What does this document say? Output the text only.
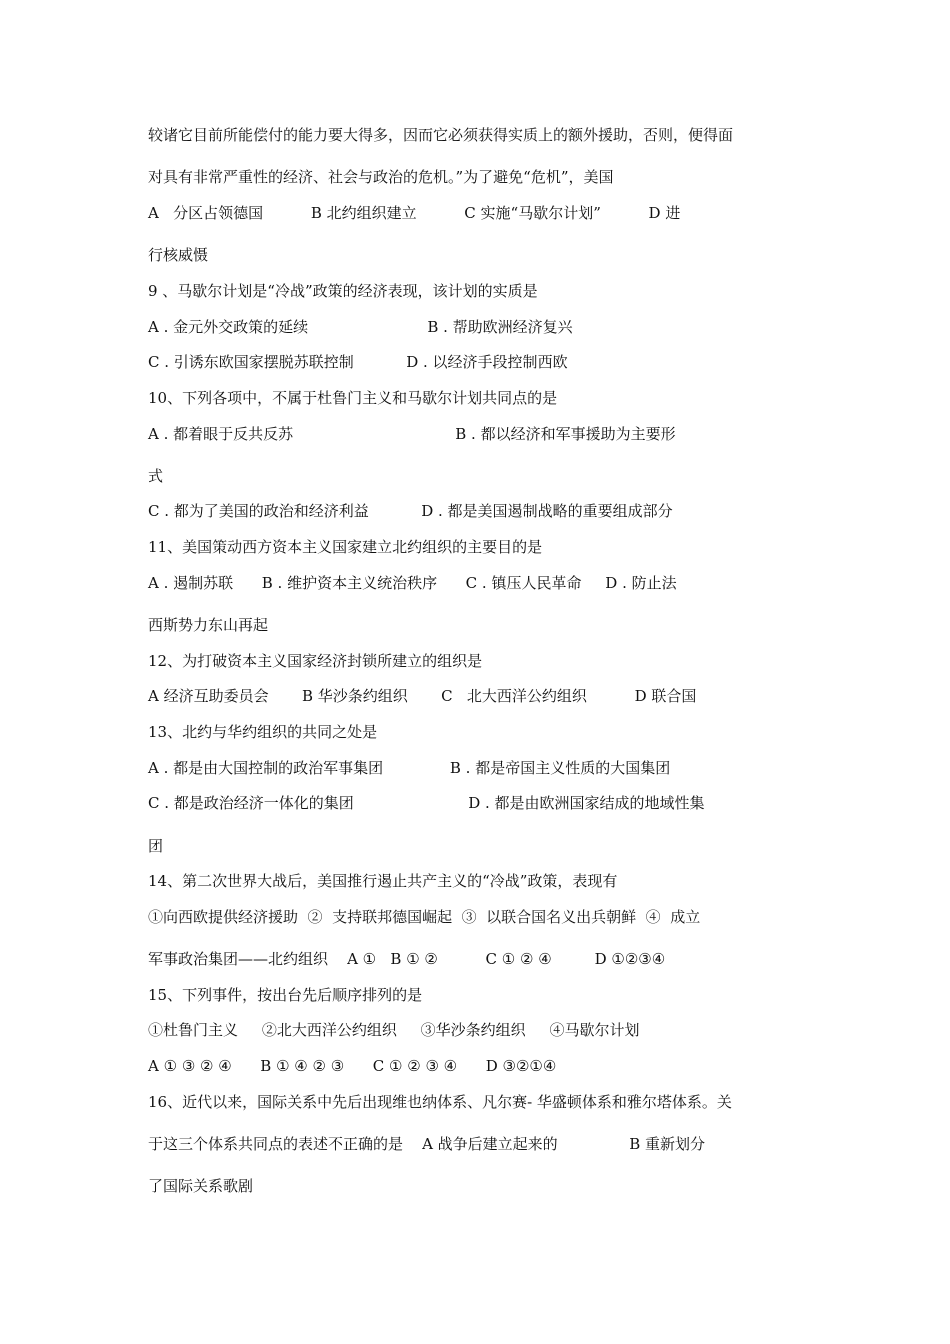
较诸它目前所能偿付的能力要大得多，因而它必须获得实质上的额外援助，否则，便得面
对具有非常严重性的经济、社会与政治的危机。”为了避免“危机”，美国
A   分区占领德国          B 北约组织建立          C 实施“马歇尔计划”          D 进
行核威慑
9 、马歇尔计划是“冷战”政策的经济表现，该计划的实质是
A . 金元外交政策的延续                         B . 帮助欧洲经济复兴
C . 引诱东欧国家摆脱苏联控制           D . 以经济手段控制西欧
10、下列各项中，不属于杜鲁门主义和马歇尔计划共同点的是
A . 都着眼于反共反苏                                  B . 都以经济和军事援助为主要形
式
C . 都为了美国的政治和经济利益           D . 都是美国遏制战略的重要组成部分
11、美国策动西方资本主义国家建立北约组织的主要目的是
A . 遏制苏联      B . 维护资本主义统治秩序      C . 镇压人民革命     D . 防止法
西斯势力东山再起
12、为打破资本主义国家经济封锁所建立的组织是
A 经济互助委员会       B 华沙条约组织       C   北大西洋公约组织          D 联合国
13、北约与华约组织的共同之处是
A . 都是由大国控制的政治军事集团              B . 都是帝国主义性质的大国集团
C . 都是政治经济一体化的集团                        D . 都是由欧洲国家结成的地域性集
团
14、第二次世界大战后，美国推行遏止共产主义的“冷战”政策，表现有
①向西欧提供经济援助  ②  支持联邦德国崛起  ③  以联合国名义出兵朝鲜  ④  成立
军事政治集团——北约组织    A ①   B ① ②          C ① ② ④         D ①②③④
15、下列事件，按出台先后顺序排列的是
①杜鲁门主义     ②北大西洋公约组织     ③华沙条约组织     ④马歇尔计划
A ① ③ ② ④      B ① ④ ② ③      C ① ② ③ ④      D ③②①④
16、近代以来，国际关系中先后出现维也纳体系、凡尔赛- 华盛顿体系和雅尔塔体系。关
于这三个体系共同点的表述不正确的是    A 战争后建立起来的               B 重新划分
了国际关系歌剧
